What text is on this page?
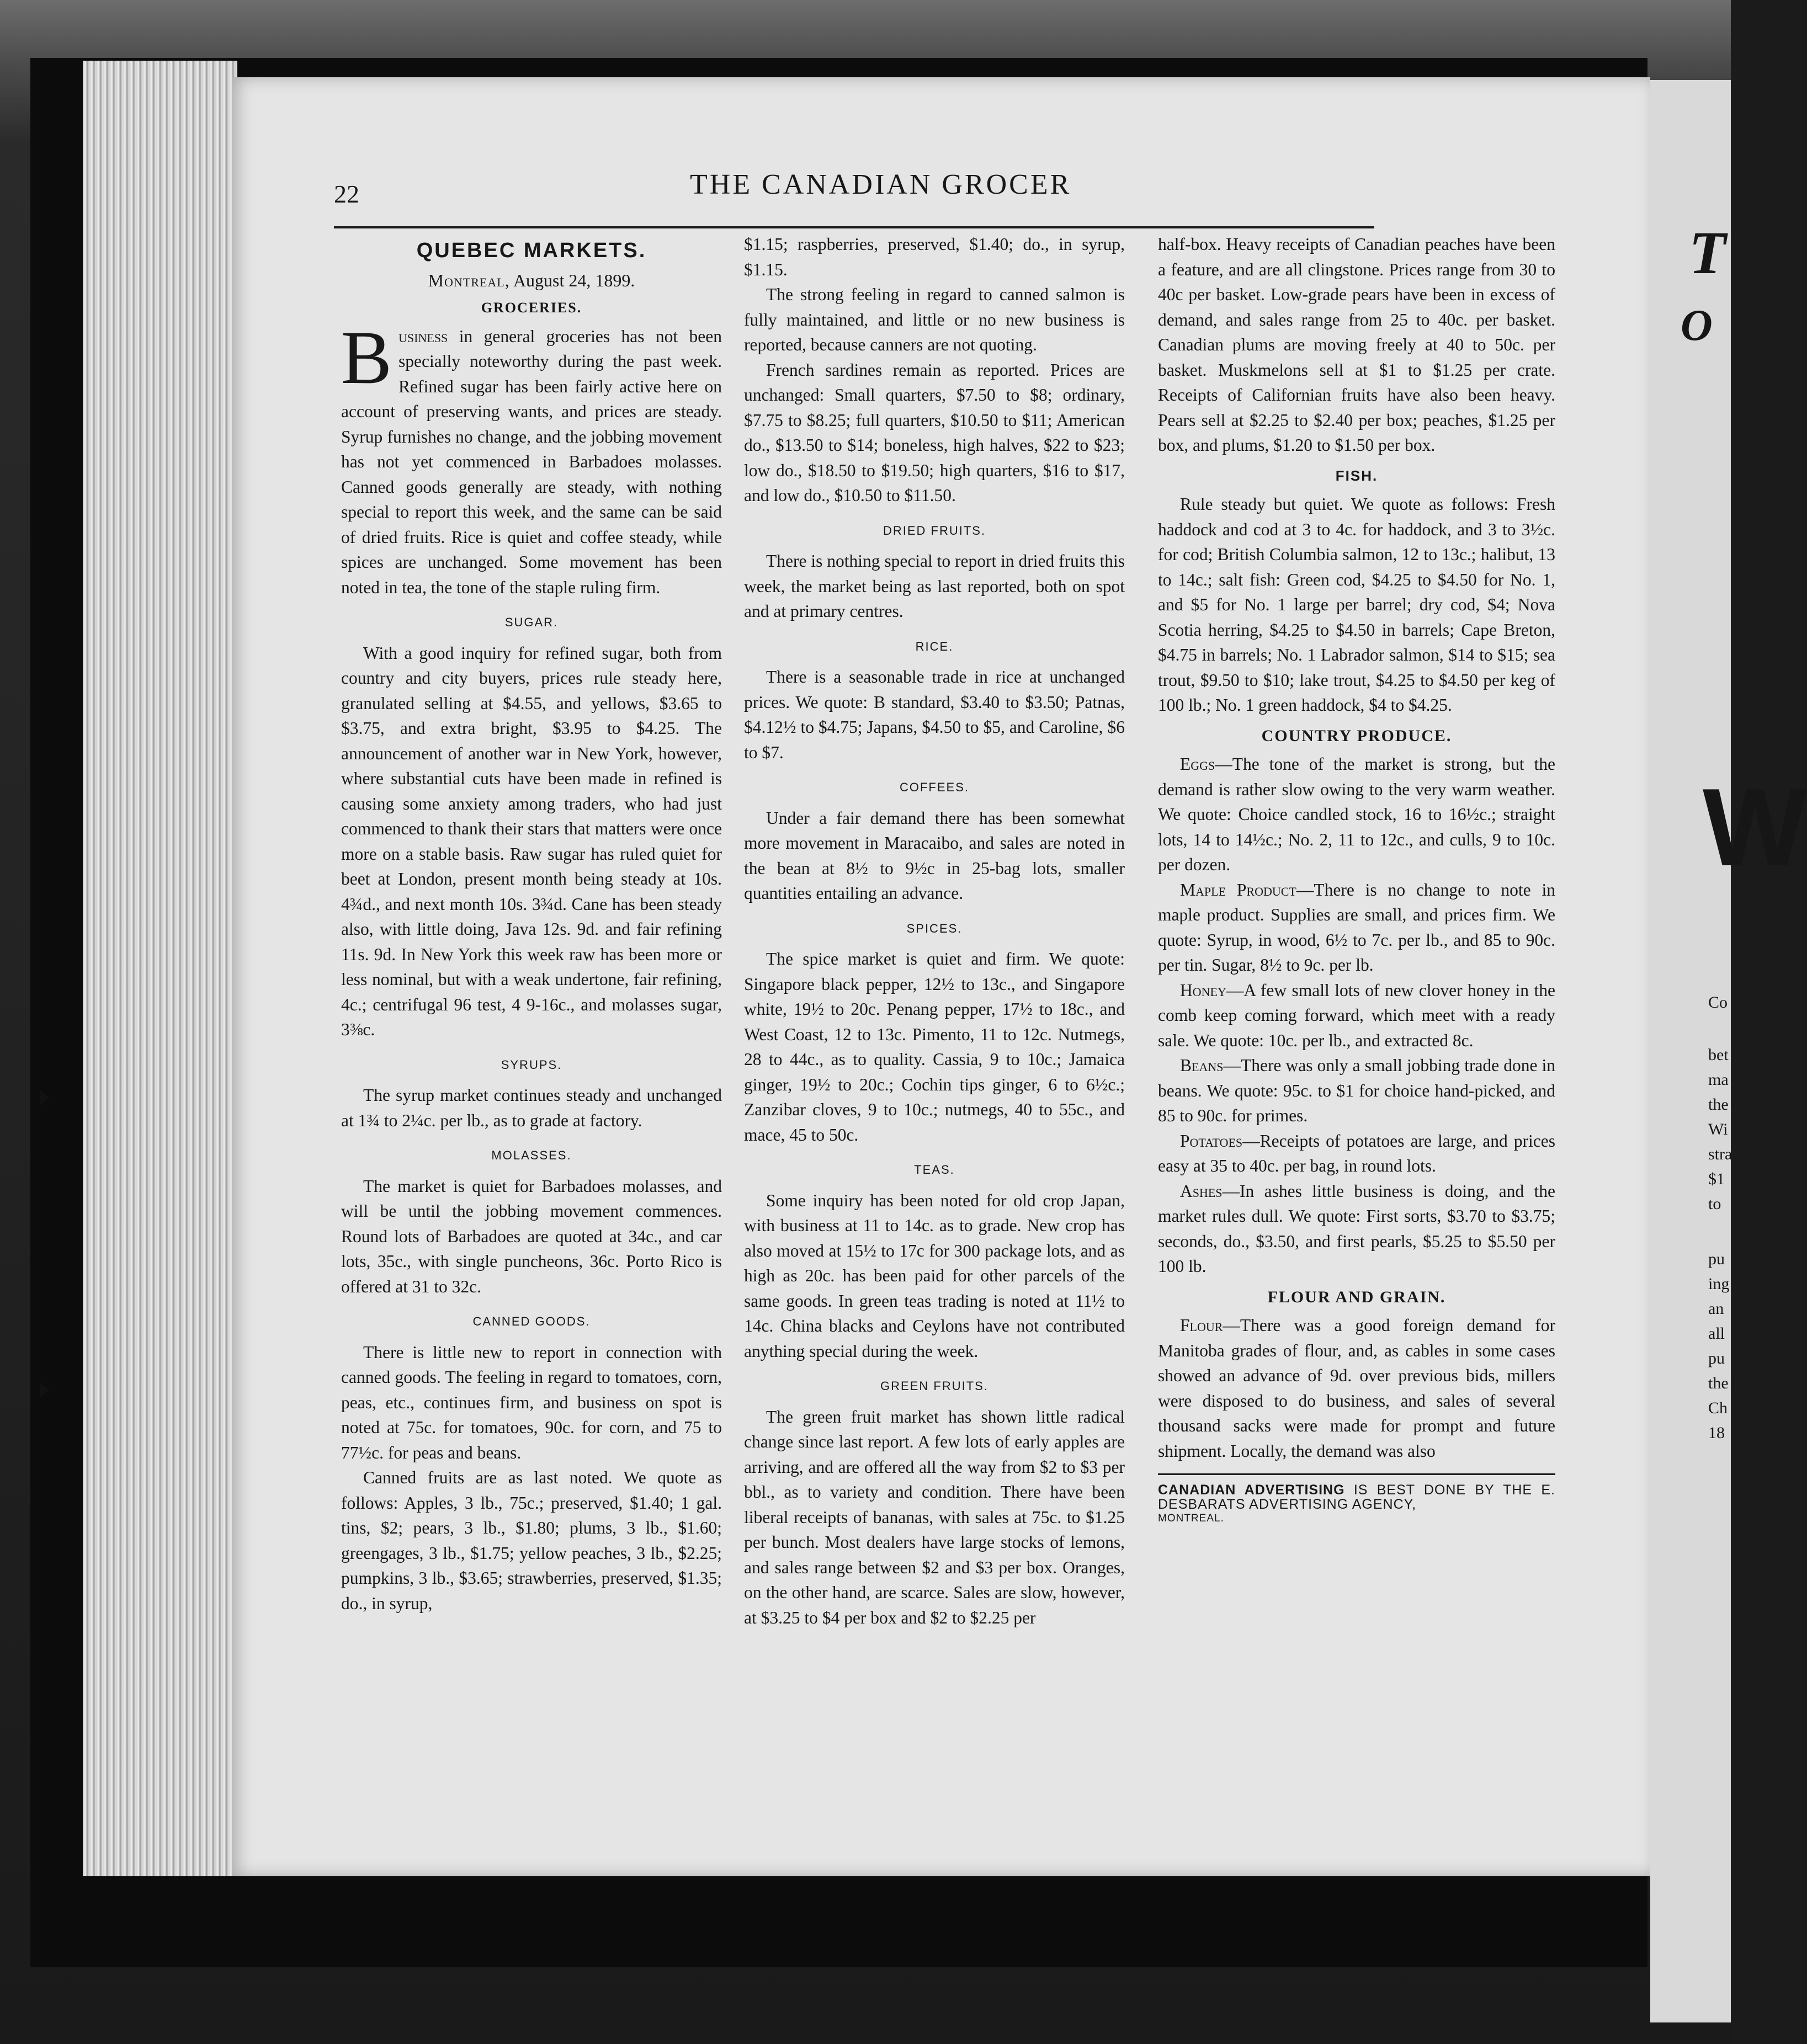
T
O
W
Co
bet
ma
the
Wi
stra
$1
to
pu
ing
an
all
pu
the
Ch
18
22	THE CANADIAN GROCER
QUEBEC MARKETS.
Montreal, August 24, 1899.
GROCERIES.

Business in general groceries has not been specially noteworthy during the past week. Refined sugar has been fairly active here on account of preserving wants, and prices are steady. Syrup furnishes no change, and the jobbing movement has not yet commenced in Barbadoes molasses. Canned goods generally are steady, with nothing special to report this week, and the same can be said of dried fruits. Rice is quiet and coffee steady, while spices are unchanged. Some movement has been noted in tea, the tone of the staple ruling firm.

SUGAR.

With a good inquiry for refined sugar, both from country and city buyers, prices rule steady here, granulated selling at $4.55, and yellows, $3.65 to $3.75, and extra bright, $3.95 to $4.25. The announcement of another war in New York, however, where substantial cuts have been made in refined is causing some anxiety among traders, who had just commenced to thank their stars that matters were once more on a stable basis. Raw sugar has ruled quiet for beet at London, present month being steady at 10s. 4¾d., and next month 10s. 3¾d. Cane has been steady also, with little doing, Java 12s. 9d. and fair refining 11s. 9d. In New York this week raw has been more or less nominal, but with a weak undertone, fair refining, 4c.; centrifugal 96 test, 4 9-16c., and molasses sugar, 3⅜c.

SYRUPS.

The syrup market continues steady and unchanged at 1¾ to 2¼c. per lb., as to grade at factory.

MOLASSES.

The market is quiet for Barbadoes molasses, and will be until the jobbing movement commences. Round lots of Barbadoes are quoted at 34c., and car lots, 35c., with single puncheons, 36c. Porto Rico is offered at 31 to 32c.

CANNED GOODS.

There is little new to report in connection with canned goods. The feeling in regard to tomatoes, corn, peas, etc., continues firm, and business on spot is noted at 75c. for tomatoes, 90c. for corn, and 75 to 77½c. for peas and beans.

Canned fruits are as last noted. We quote as follows: Apples, 3 lb., 75c.; preserved, $1.40; 1 gal. tins, $2; pears, 3 lb., $1.80; plums, 3 lb., $1.60; greengages, 3 lb., $1.75; yellow peaches, 3 lb., $2.25; pumpkins, 3 lb., $3.65; strawberries, preserved, $1.35; do., in syrup,

$1.15; raspberries, preserved, $1.40; do., in syrup, $1.15.

The strong feeling in regard to canned salmon is fully maintained, and little or no new business is reported, because canners are not quoting.

French sardines remain as reported. Prices are unchanged: Small quarters, $7.50 to $8; ordinary, $7.75 to $8.25; full quarters, $10.50 to $11; American do., $13.50 to $14; boneless, high halves, $22 to $23; low do., $18.50 to $19.50; high quarters, $16 to $17, and low do., $10.50 to $11.50.

DRIED FRUITS.

There is nothing special to report in dried fruits this week, the market being as last reported, both on spot and at primary centres.

RICE.

There is a seasonable trade in rice at unchanged prices. We quote: B standard, $3.40 to $3.50; Patnas, $4.12½ to $4.75; Japans, $4.50 to $5, and Caroline, $6 to $7.

COFFEES.

Under a fair demand there has been somewhat more movement in Maracaibo, and sales are noted in the bean at 8½ to 9½c in 25-bag lots, smaller quantities entailing an advance.

SPICES.

The spice market is quiet and firm. We quote: Singapore black pepper, 12½ to 13c., and Singapore white, 19½ to 20c. Penang pepper, 17½ to 18c., and West Coast, 12 to 13c. Pimento, 11 to 12c. Nutmegs, 28 to 44c., as to quality. Cassia, 9 to 10c.; Jamaica ginger, 19½ to 20c.; Cochin tips ginger, 6 to 6½c.; Zanzibar cloves, 9 to 10c.; nutmegs, 40 to 55c., and mace, 45 to 50c.

TEAS.

Some inquiry has been noted for old crop Japan, with business at 11 to 14c. as to grade. New crop has also moved at 15½ to 17c for 300 package lots, and as high as 20c. has been paid for other parcels of the same goods. In green teas trading is noted at 11½ to 14c. China blacks and Ceylons have not contributed anything special during the week.

GREEN FRUITS.

The green fruit market has shown little radical change since last report. A few lots of early apples are arriving, and are offered all the way from $2 to $3 per bbl., as to variety and condition. There have been liberal receipts of bananas, with sales at 75c. to $1.25 per bunch. Most dealers have large stocks of lemons, and sales range between $2 and $3 per box. Oranges, on the other hand, are scarce. Sales are slow, however, at $3.25 to $4 per box and $2 to $2.25 per

half-box. Heavy receipts of Canadian peaches have been a feature, and are all clingstone. Prices range from 30 to 40c per basket. Low-grade pears have been in excess of demand, and sales range from 25 to 40c. per basket. Canadian plums are moving freely at 40 to 50c. per basket. Muskmelons sell at $1 to $1.25 per crate. Receipts of Californian fruits have also been heavy. Pears sell at $2.25 to $2.40 per box; peaches, $1.25 per box, and plums, $1.20 to $1.50 per box.

FISH.

Rule steady but quiet. We quote as follows: Fresh haddock and cod at 3 to 4c. for haddock, and 3 to 3½c. for cod; British Columbia salmon, 12 to 13c.; halibut, 13 to 14c.; salt fish: Green cod, $4.25 to $4.50 for No. 1, and $5 for No. 1 large per barrel; dry cod, $4; Nova Scotia herring, $4.25 to $4.50 in barrels; Cape Breton, $4.75 in barrels; No. 1 Labrador salmon, $14 to $15; sea trout, $9.50 to $10; lake trout, $4.25 to $4.50 per keg of 100 lb.; No. 1 green haddock, $4 to $4.25.

COUNTRY PRODUCE.

Eggs—The tone of the market is strong, but the demand is rather slow owing to the very warm weather. We quote: Choice candled stock, 16 to 16½c.; straight lots, 14 to 14½c.; No. 2, 11 to 12c., and culls, 9 to 10c. per dozen.

Maple Product—There is no change to note in maple product. Supplies are small, and prices firm. We quote: Syrup, in wood, 6½ to 7c. per lb., and 85 to 90c. per tin. Sugar, 8½ to 9c. per lb.

Honey—A few small lots of new clover honey in the comb keep coming forward, which meet with a ready sale. We quote: 10c. per lb., and extracted 8c.

Beans—There was only a small jobbing trade done in beans. We quote: 95c. to $1 for choice hand-picked, and 85 to 90c. for primes.

Potatoes—Receipts of potatoes are large, and prices easy at 35 to 40c. per bag, in round lots.

Ashes—In ashes little business is doing, and the market rules dull. We quote: First sorts, $3.70 to $3.75; seconds, do., $3.50, and first pearls, $5.25 to $5.50 per 100 lb.

FLOUR AND GRAIN.

Flour—There was a good foreign demand for Manitoba grades of flour, and, as cables in some cases showed an advance of 9d. over previous bids, millers were disposed to do business, and sales of several thousand sacks were made for prompt and future shipment. Locally, the demand was also

CANADIAN ADVERTISING IS BEST DONE BY THE E. DESBARATS ADVERTISING AGENCY,
MONTREAL.
